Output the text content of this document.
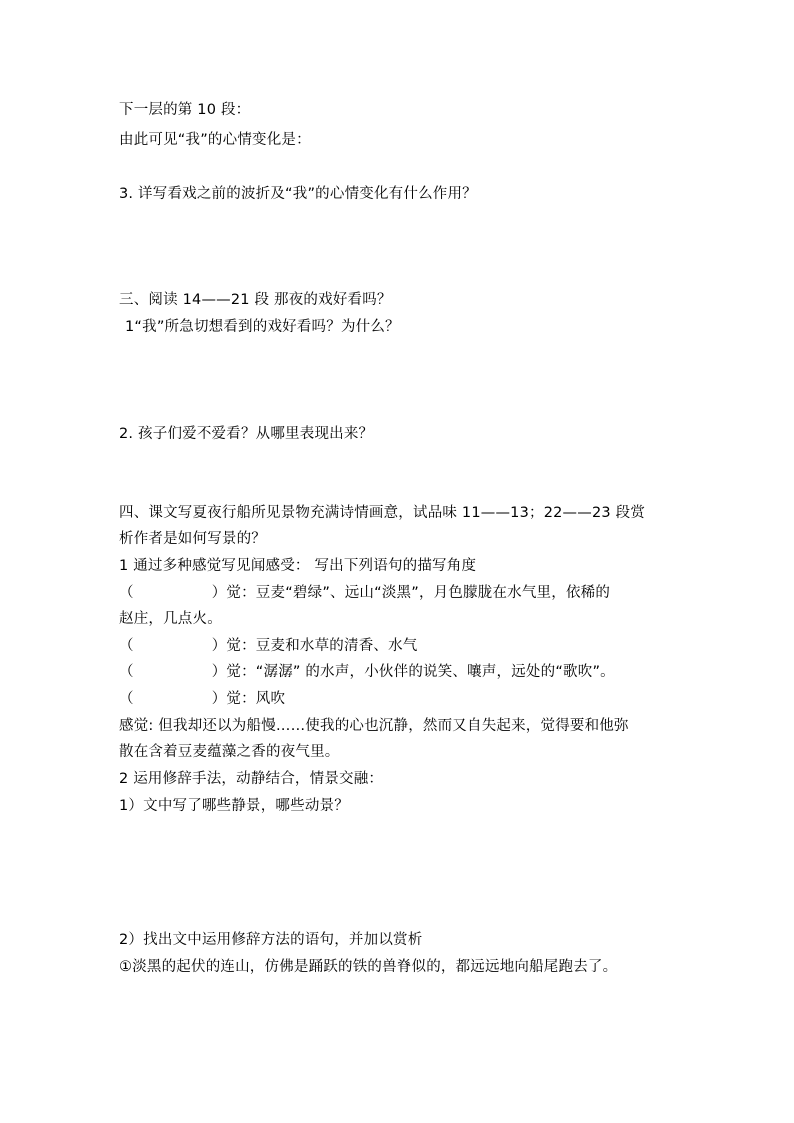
下一层的第 10 段：
由此可见“我”的心情变化是：
3. 详写看戏之前的波折及“我”的心情变化有什么作用？
三、阅读 14——21 段 那夜的戏好看吗？
1“我”所急切想看到的戏好看吗？为什么？
2. 孩子们爱不爱看？从哪里表现出来？
四、课文写夏夜行船所见景物充满诗情画意，试品味 11——13；22——23 段赏
析作者是如何写景的？
1 通过多种感觉写见闻感受： 写出下列语句的描写角度
（	）觉：豆麦“碧绿”、远山“淡黑”，月色朦胧在水气里，依稀的
赵庄，几点火。
（	）觉：豆麦和水草的清香、水气
（	）觉：“潺潺” 的水声，小伙伴的说笑、嚷声，远处的“歌吹”。
（	）觉：风吹
感觉: 但我却还以为船慢……使我的心也沉静，然而又自失起来，觉得要和他弥
散在含着豆麦蕴藻之香的夜气里。
2 运用修辞手法，动静结合，情景交融：
1）文中写了哪些静景，哪些动景？
2）找出文中运用修辞方法的语句，并加以赏析
①淡黑的起伏的连山，仿佛是踊跃的铁的兽脊似的，都远远地向船尾跑去了。
